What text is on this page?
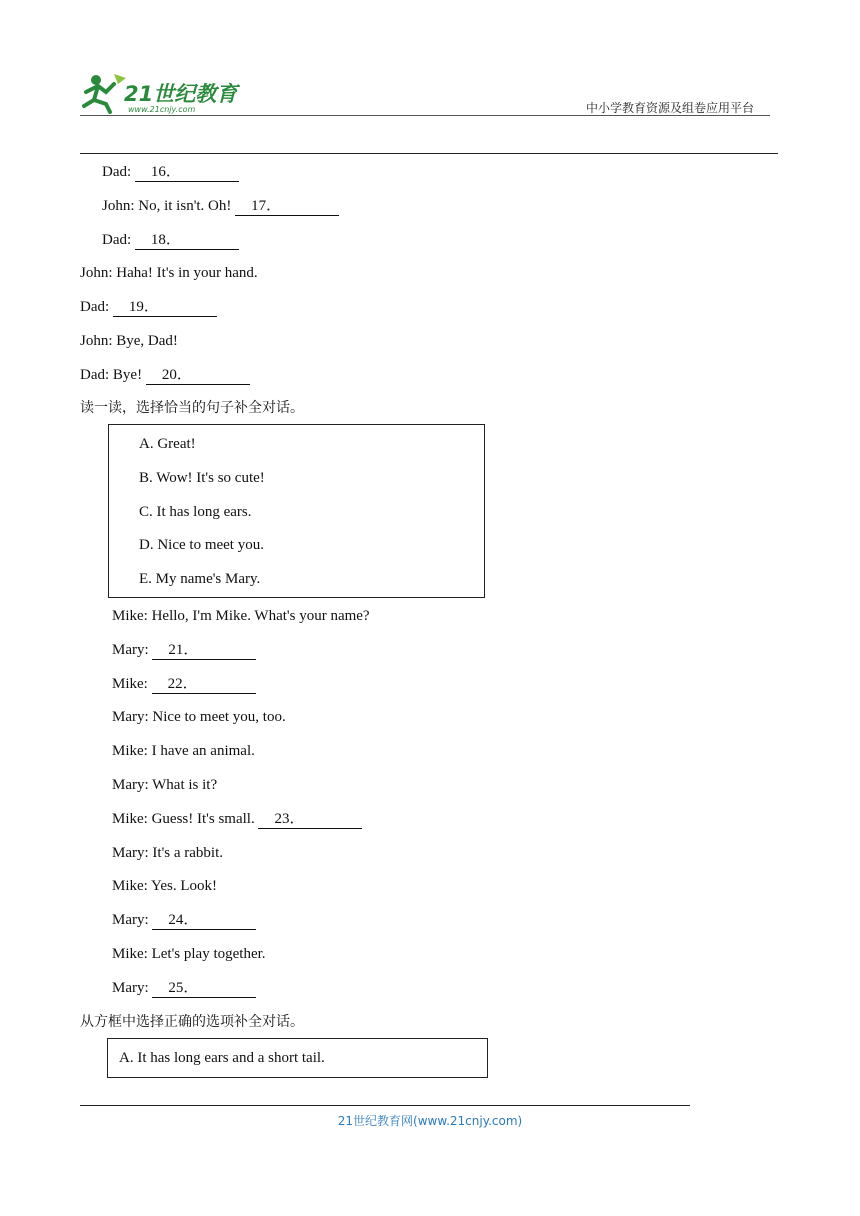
21世纪教育
www.21cnjy.com	中小学教育资源及组卷应用平台
Dad: 16．
John: No, it isn't. Oh! 17．
Dad: 18．
John: Haha! It's in your hand.
Dad: 19．
John: Bye, Dad!
Dad: Bye! 20．
读一读，选择恰当的句子补全对话。
A. Great!
B. Wow! It's so cute!
C. It has long ears.
D. Nice to meet you.
E. My name's Mary.
Mike: Hello, I'm Mike. What's your name?
Mary: 21．
Mike: 22．
Mary: Nice to meet you, too.
Mike: I have an animal.
Mary: What is it?
Mike: Guess! It's small. 23．
Mary: It's a rabbit.
Mike: Yes. Look!
Mary: 24．
Mike: Let's play together.
Mary: 25．
从方框中选择正确的选项补全对话。
A. It has long ears and a short tail.
21世纪教育网(www.21cnjy.com)
